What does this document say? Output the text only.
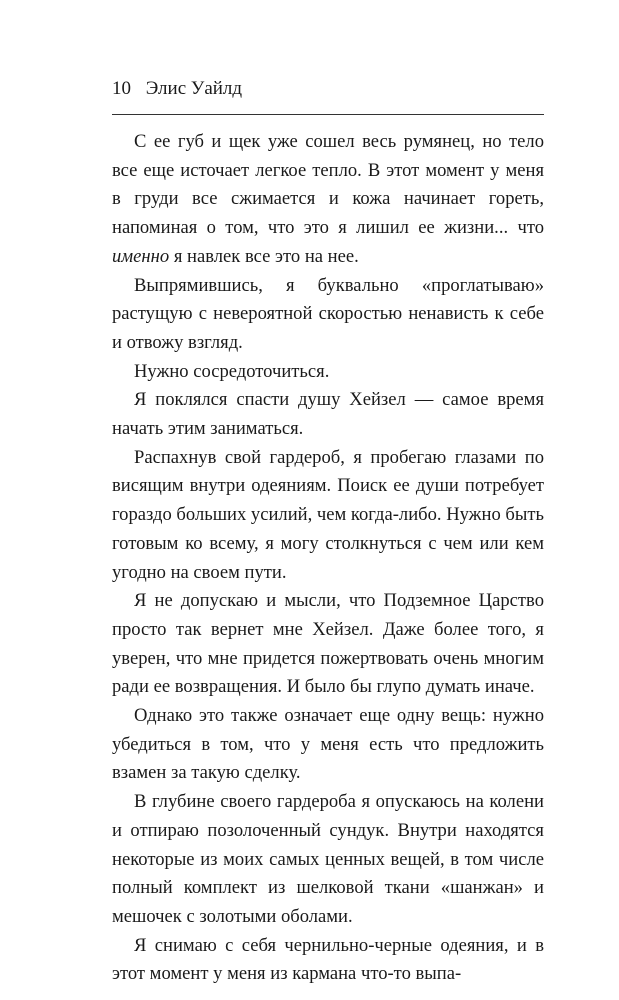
10 Элис Уайлд

С ее губ и щек уже сошел весь румянец, но тело все еще источает легкое тепло. В этот момент у меня в груди все сжимается и кожа начинает гореть, напоминая о том, что это я лишил ее жизни... что именно я навлек все это на нее.

Выпрямившись, я буквально «проглатываю» растущую с невероятной скоростью ненависть к себе и отвожу взгляд.

Нужно сосредоточиться.

Я поклялся спасти душу Хейзел — самое время начать этим заниматься.

Распахнув свой гардероб, я пробегаю глазами по висящим внутри одеяниям. Поиск ее души потребует гораздо больших усилий, чем когда-либо. Нужно быть готовым ко всему, я могу столкнуться с чем или кем угодно на своем пути.

Я не допускаю и мысли, что Подземное Царство просто так вернет мне Хейзел. Даже более того, я уверен, что мне придется пожертвовать очень многим ради ее возвращения. И было бы глупо думать иначе.

Однако это также означает еще одну вещь: нужно убедиться в том, что у меня есть что предложить взамен за такую сделку.

В глубине своего гардероба я опускаюсь на колени и отпираю позолоченный сундук. Внутри находятся некоторые из моих самых ценных вещей, в том числе полный комплект из шелковой ткани «шанжан» и мешочек с золотыми оболами.

Я снимаю с себя чернильно-черные одеяния, и в этот момент у меня из кармана что-то выпа-
